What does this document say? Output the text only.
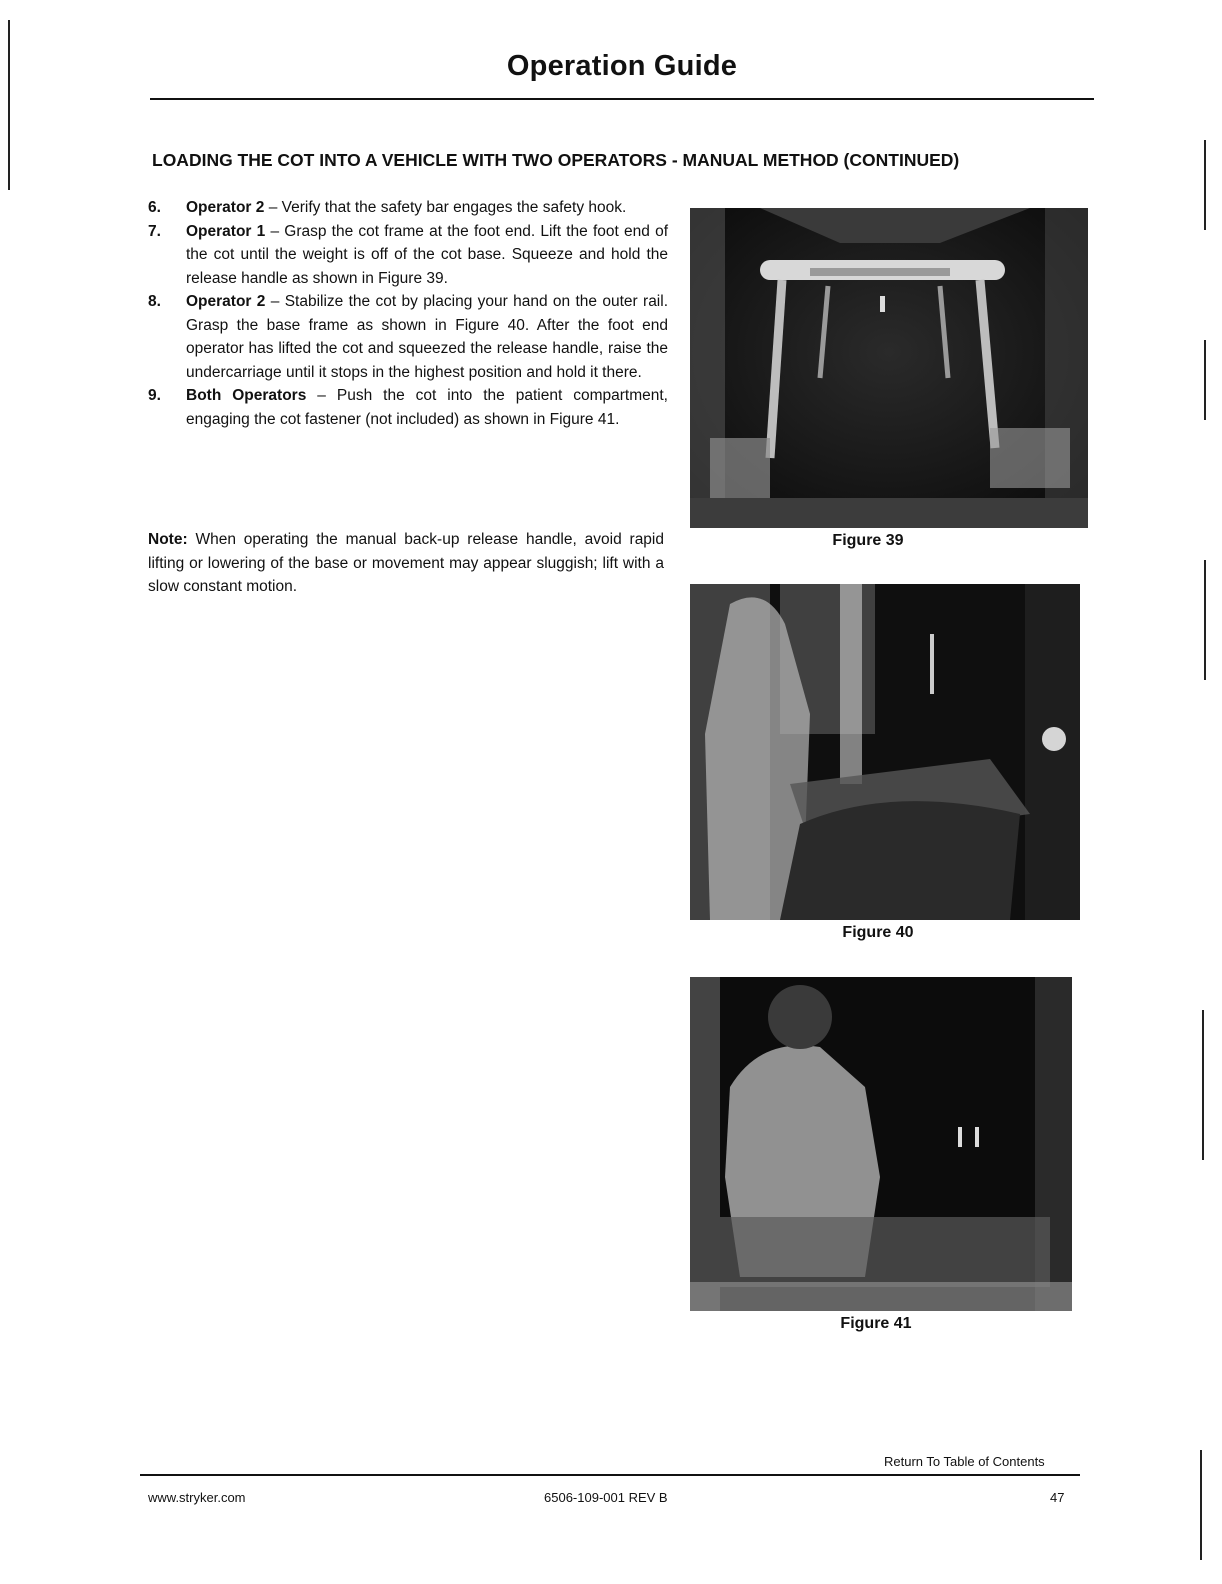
Operation Guide
LOADING THE COT INTO A VEHICLE WITH TWO OPERATORS - MANUAL METHOD (CONTINUED)
6.	Operator 2 – Verify that the safety bar engages the safety hook.
7.	Operator 1 – Grasp the cot frame at the foot end. Lift the foot end of the cot until the weight is off of the cot base. Squeeze and hold the release handle as shown in Figure 39.
8.	Operator 2 – Stabilize the cot by placing your hand on the outer rail. Grasp the base frame as shown in Figure 40. After the foot end operator has lifted the cot and squeezed the release handle, raise the undercarriage until it stops in the highest position and hold it there.
9.	Both Operators – Push the cot into the patient compartment, engaging the cot fastener (not included) as shown in Figure 41.
Note: When operating the manual back-up release handle, avoid rapid lifting or lowering of the base or movement may appear sluggish; lift with a slow constant motion.
Figure 39
Figure 40
Figure 41
Return To Table of Contents
www.stryker.com	6506-109-001 REV B	47
